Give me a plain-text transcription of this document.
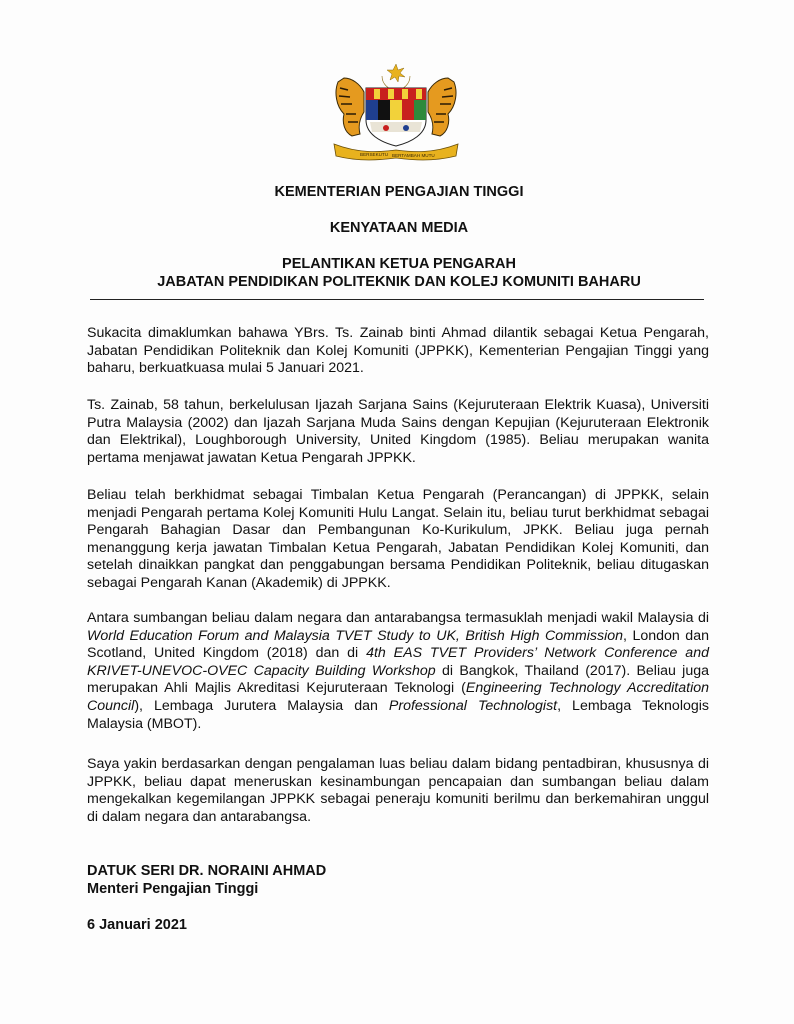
BERSEKUTU BERTAMBAH MUTU
KEMENTERIAN PENGAJIAN TINGGI
KENYATAAN MEDIA
PELANTIKAN KETUA PENGARAH
JABATAN PENDIDIKAN POLITEKNIK DAN KOLEJ KOMUNITI BAHARU
Sukacita dimaklumkan bahawa YBrs. Ts. Zainab binti Ahmad dilantik sebagai Ketua Pengarah, Jabatan Pendidikan Politeknik dan Kolej Komuniti (JPPKK), Kementerian Pengajian Tinggi yang baharu, berkuatkuasa mulai 5 Januari 2021.
Ts. Zainab, 58 tahun, berkelulusan Ijazah Sarjana Sains (Kejuruteraan Elektrik Kuasa), Universiti Putra Malaysia (2002) dan Ijazah Sarjana Muda Sains dengan Kepujian (Kejuruteraan Elektronik dan Elektrikal), Loughborough University, United Kingdom (1985). Beliau merupakan wanita pertama menjawat jawatan Ketua Pengarah JPPKK.
Beliau telah berkhidmat sebagai Timbalan Ketua Pengarah (Perancangan) di JPPKK, selain menjadi Pengarah pertama Kolej Komuniti Hulu Langat. Selain itu, beliau turut berkhidmat sebagai Pengarah Bahagian Dasar dan Pembangunan Ko-Kurikulum, JPKK. Beliau juga pernah menanggung kerja jawatan Timbalan Ketua Pengarah, Jabatan Pendidikan Kolej Komuniti, dan setelah dinaikkan pangkat dan penggabungan bersama Pendidikan Politeknik, beliau ditugaskan sebagai Pengarah Kanan (Akademik) di JPPKK.
Antara sumbangan beliau dalam negara dan antarabangsa termasuklah menjadi wakil Malaysia di World Education Forum and Malaysia TVET Study to UK, British High Commission, London dan Scotland, United Kingdom (2018) dan di 4th EAS TVET Providers’ Network Conference and KRIVET-UNEVOC-OVEC Capacity Building Workshop di Bangkok, Thailand (2017). Beliau juga merupakan Ahli Majlis Akreditasi Kejuruteraan Teknologi (Engineering Technology Accreditation Council), Lembaga Jurutera Malaysia dan Professional Technologist, Lembaga Teknologis Malaysia (MBOT).
Saya yakin berdasarkan dengan pengalaman luas beliau dalam bidang pentadbiran, khususnya di JPPKK, beliau dapat meneruskan kesinambungan pencapaian dan sumbangan beliau dalam mengekalkan kegemilangan JPPKK sebagai peneraju komuniti berilmu dan berkemahiran unggul di dalam negara dan antarabangsa.
DATUK SERI DR. NORAINI AHMAD
Menteri Pengajian Tinggi
6 Januari 2021
